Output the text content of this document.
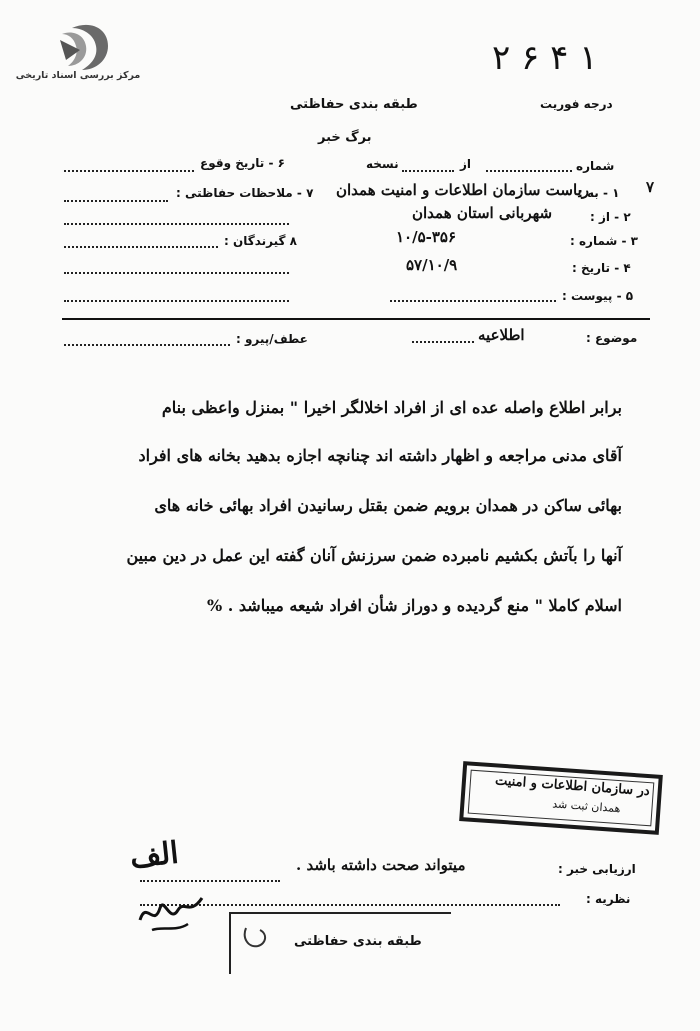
مرکز بررسی اسناد تاریخی	۲ ۶ ۴ ۱
درجه فوریت
طبقه بندی حفاظتی
برگ خبر
شماره
از
نسخه
۶ - تاریخ وقوع
۷
۱ - به :
ریاست سازمان اطلاعات و امنیت همدان
۷ - ملاحظات حفاظتی :
۲ - از :
شهربانی استان همدان
۳ - شماره :
۱۰/۵-۳۵۶
۸ گیرندگان :
۴ - تاریخ :
۵۷/۱۰/۹
۵ - پیوست :
موضوع :
اطلاعیه
عطف/پیرو :
برابر اطلاع واصله عده ای از افراد اخلالگر اخیرا " بمنزل واعظی بنام
آقای مدنی مراجعه و اظهار داشته اند چنانچه اجازه بدهید بخانه های افراد
بهائی ساکن در همدان برویم ضمن بقتل رسانیدن افراد بهائی خانه های
آنها را بآتش بکشیم نامبرده ضمن سرزنش آنان گفته این عمل در دین مبین
اسلام کاملا " منع گردیده و دوراز شأن افراد شیعه میباشد . %
در سازمان اطلاعات و امنیت
همدان ثبت شد
الف	ارزیابی خبر :
میتواند صحت داشته باشد .
نظریه :
طبقه بندی حفاظتی
